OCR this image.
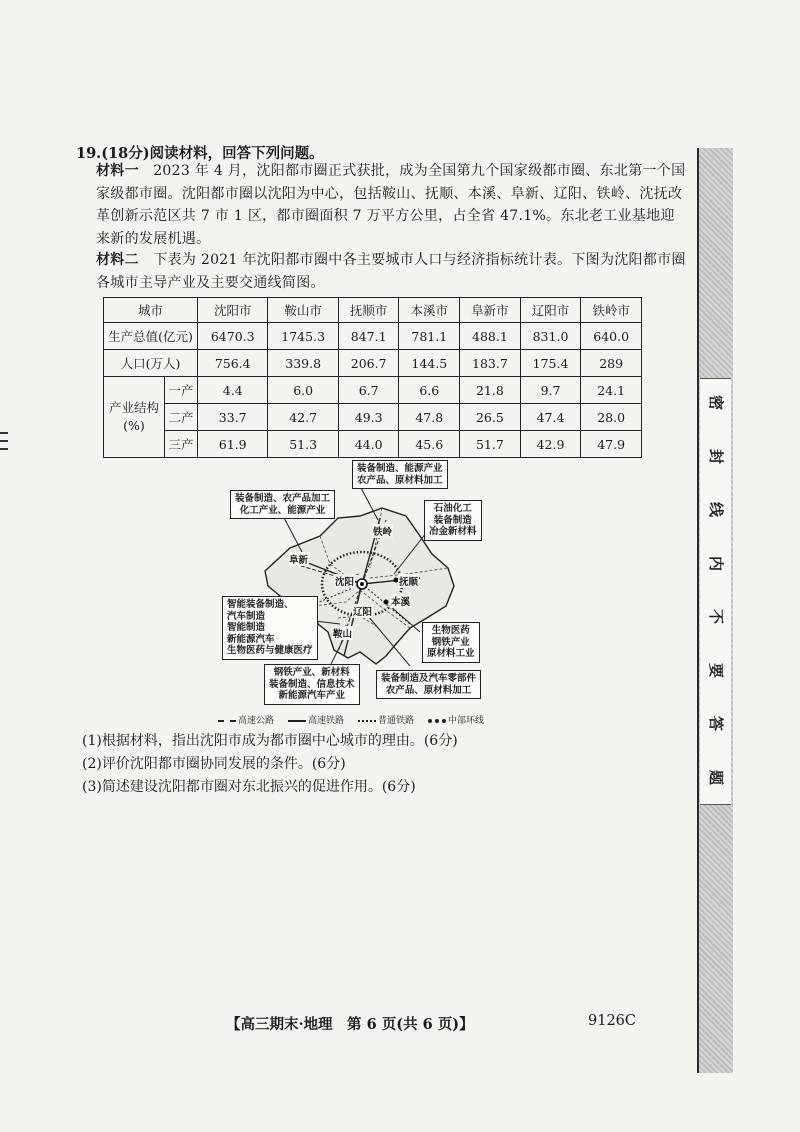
19.(18分)阅读材料，回答下列问题。
材料一　 2023 年 4 月，沈阳都市圈正式获批，成为全国第九个国家级都市圈、东北第一个国家级都市圈。沈阳都市圈以沈阳为中心，包括鞍山、抚顺、本溪、阜新、辽阳、铁岭、沈抚改革创新示范区共 7 市 1 区，都市圈面积 7 万平方公里，占全省 47.1%。东北老工业基地迎来新的发展机遇。
材料二　 下表为 2021 年沈阳都市圈中各主要城市人口与经济指标统计表。下图为沈阳都市圈各城市主导产业及主要交通线简图。
城市		沈阳市	鞍山市	抚顺市	本溪市	阜新市	辽阳市	铁岭市
生产总值(亿元)		6470.3	1745.3	847.1	781.1	488.1	831.0	640.0
人口(万人)		756.4	339.8	206.7	144.5	183.7	175.4	289

产业结构
(%)	一产	4.4	6.0	6.7	6.6	21.8	9.7	24.1
	二产	33.7	42.7	49.3	47.8	26.5	47.4	28.0
	三产	61.9	51.3	44.0	45.6	51.7	42.9	47.9
阜新
铁岭
沈阳	抚顺
本溪
辽阳
鞍山
装备制造、能源产业
农产品、原材料加工
装备制造、农产品加工
化工产业、能源产业	石油化工
装备制造
冶金新材料
智能装备制造、
汽车制造
智能制造
新能源汽车
生物医药与健康医疗
生物医药
钢铁产业
原材料工业
钢铁产业、新材料
装备制造、信息技术
新能源汽车产业
装备制造及汽车零部件
农产品、原材料加工
高速公路	高速铁路	普通铁路	中部环线
(1)根据材料，指出沈阳市成为都市圈中心城市的理由。(6分)
(2)评价沈阳都市圈协同发展的条件。(6分)
(3)简述建设沈阳都市圈对东北振兴的促进作用。(6分)
【高三期末·地理　第 6 页(共 6 页)】	9126C
密
封
线
内
不
要
答
题
